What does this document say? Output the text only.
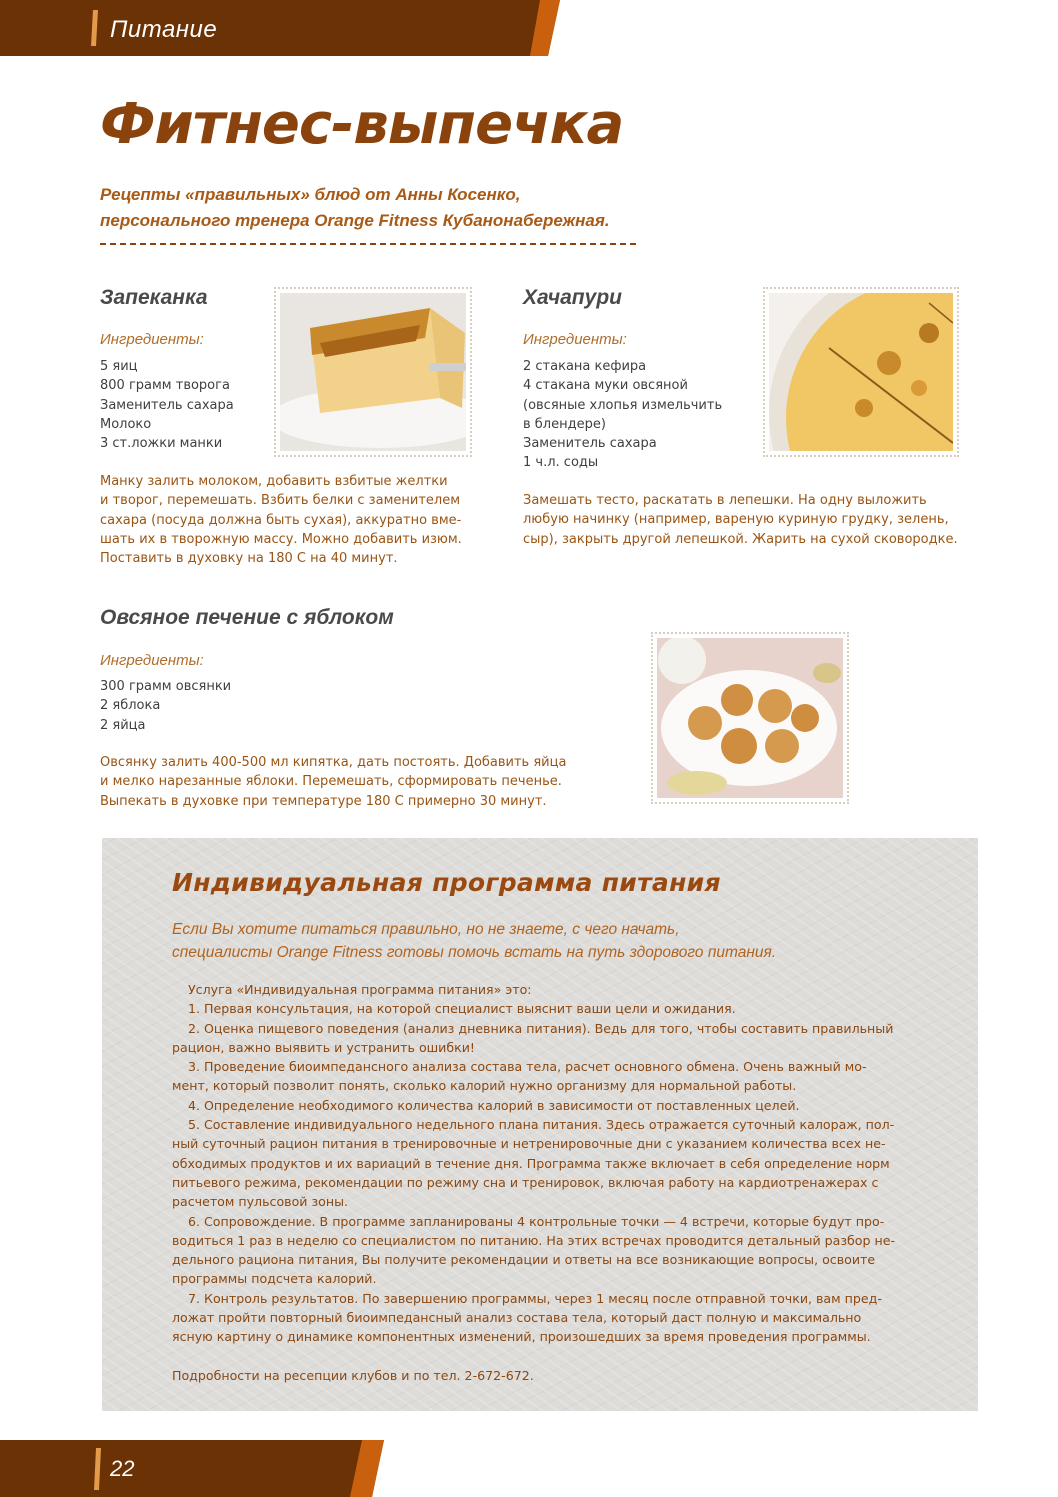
Питание
Фитнес-выпечка
Рецепты «правильных» блюд от Анны Косенко,
персонального тренера Orange Fitness Кубанонабережная.
Запеканка
Ингредиенты:
5 яиц
800 грамм творога
Заменитель сахара
Молоко
3 ст.ложки манки
Манку залить молоком, добавить взбитые желтки
и творог, перемешать. Взбить белки с заменителем
сахара (посуда должна быть сухая), аккуратно вме-
шать их в творожную массу. Можно добавить изюм.
Поставить в духовку на 180 С на 40 минут.
Хачапури
Ингредиенты:
2 стакана кефира
4 стакана муки овсяной
(овсяные хлопья измельчить
в блендере)
Заменитель сахара
1 ч.л. соды
Замешать тесто, раскатать в лепешки. На одну выложить
любую начинку (например, вареную куриную грудку, зелень,
сыр), закрыть другой лепешкой. Жарить на сухой сковородке.
Овсяное печение с яблоком
Ингредиенты:
300 грамм овсянки
2 яблока
2 яйца
Овсянку залить 400-500 мл кипятка, дать постоять. Добавить яйца
и мелко нарезанные яблоки. Перемешать, сформировать печенье.
Выпекать в духовке при температуре 180 С примерно 30 минут.
Индивидуальная программа питания
Если Вы хотите питаться правильно, но не знаете, с чего начать,
специалисты Orange Fitness готовы помочь встать на путь здорового питания.
Услуга «Индивидуальная программа питания» это:
1. Первая консультация, на которой специалист выяснит ваши цели и ожидания.
2. Оценка пищевого поведения (анализ дневника питания). Ведь для того, чтобы составить правильный
рацион, важно выявить и устранить ошибки!
3. Проведение биоимпедансного анализа состава тела, расчет основного обмена. Очень важный мо-
мент, который позволит понять, сколько калорий нужно организму для нормальной работы.
4. Определение необходимого количества калорий в зависимости от поставленных целей.
5. Составление индивидуального недельного плана питания. Здесь отражается суточный калораж, пол-
ный суточный рацион питания в тренировочные и нетренировочные дни с указанием количества всех не-
обходимых продуктов и их вариаций в течение дня. Программа также включает в себя определение норм
питьевого режима, рекомендации по режиму сна и тренировок, включая работу на кардиотренажерах с
расчетом пульсовой зоны.
6. Сопровождение. В программе запланированы 4 контрольные точки — 4 встречи, которые будут про-
водиться 1 раз в неделю со специалистом по питанию. На этих встречах проводится детальный разбор не-
дельного рациона питания, Вы получите рекомендации и ответы на все возникающие вопросы, освоите
программы подсчета калорий.
7. Контроль результатов. По завершению программы, через 1 месяц после отправной точки, вам пред-
ложат пройти повторный биоимпедансный анализ состава тела, который даст полную и максимально
ясную картину о динамике компонентных изменений, произошедших за время проведения программы.
Подробности на ресепции клубов и по тел. 2-672-672.
22
